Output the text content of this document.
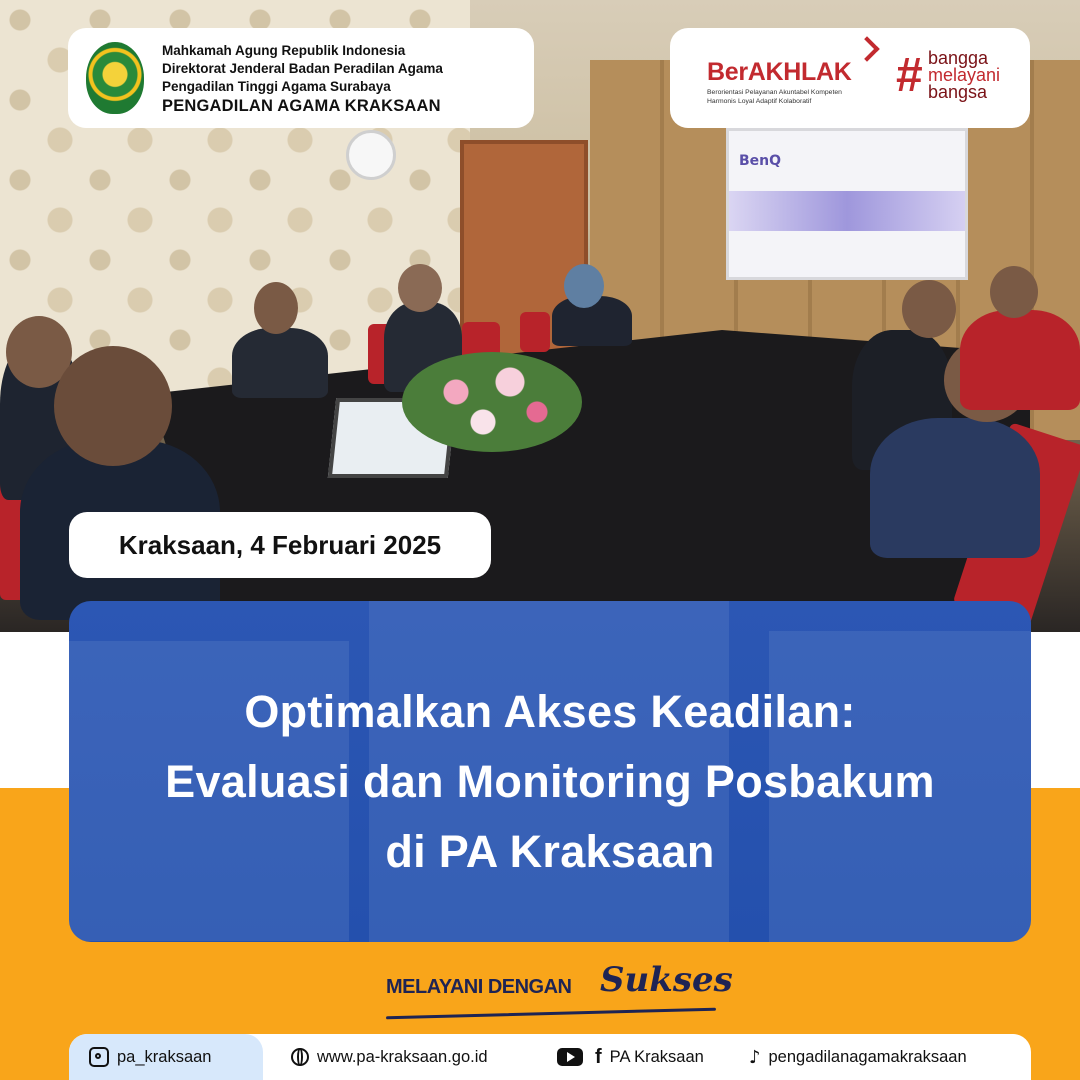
BenQ
Mahkamah Agung Republik Indonesia
Direktorat Jenderal Badan Peradilan Agama
Pengadilan Tinggi Agama Surabaya
PENGADILAN AGAMA KRAKSAAN
BerAKHLAK
Berorientasi Pelayanan Akuntabel Kompeten
Harmonis Loyal Adaptif Kolaboratif	# bangga
melayani
bangsa
Kraksaan, 4 Februari 2025
Optimalkan Akses Keadilan:
Evaluasi dan Monitoring Posbakum
di PA Kraksaan
MELAYANI DENGAN Sukses
pa_kraksaan	www.pa-kraksaan.go.id	f PA Kraksaan	♪ pengadilanagamakraksaan
